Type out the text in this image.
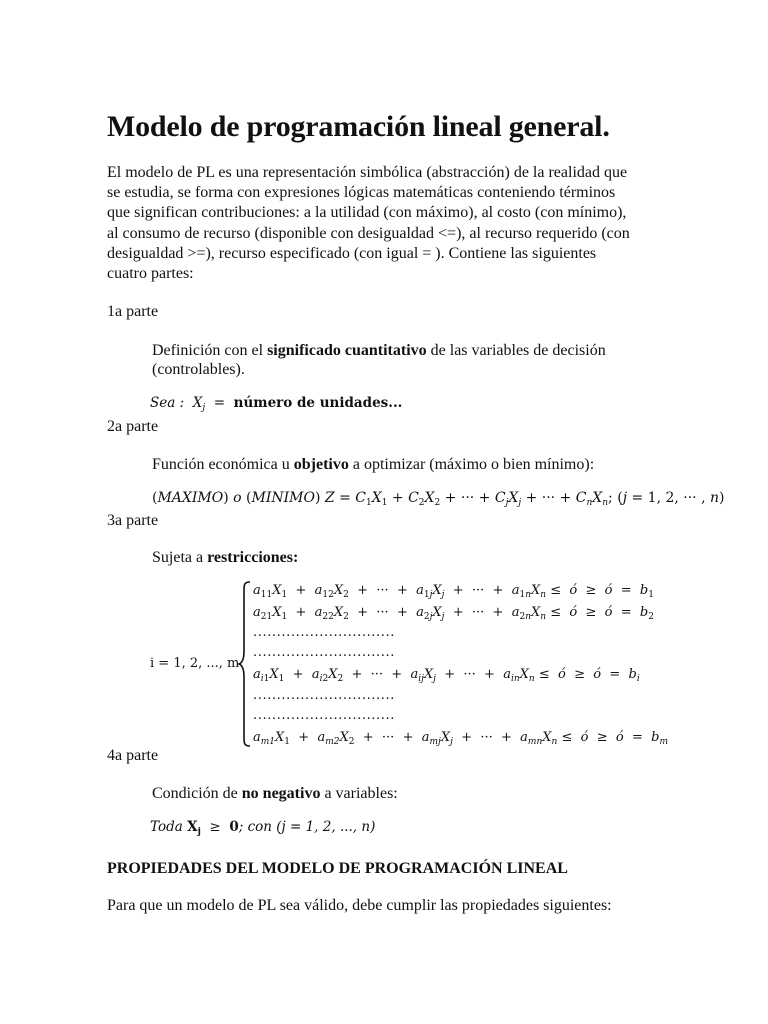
Modelo de programación lineal general.
El modelo de PL es una representación simbólica (abstracción) de la realidad que
se estudia, se forma con expresiones lógicas matemáticas conteniendo términos
que significan contribuciones: a la utilidad (con máximo), al costo (con mínimo),
al consumo de recurso (disponible con desigualdad <=), al recurso requerido (con
desigualdad >=), recurso especificado (con igual = ). Contiene las siguientes
cuatro partes:
1a parte
Definición con el significado cuantitativo de las variables de decisión
(controlables).
Sea : $X_j$ = número de unidades...
2a parte
Función económica u objetivo a optimizar (máximo o bien mínimo):
(MAXIMO) o (MINIMO) $Z = C_1X_1 + C_2X_2$ + ··· + $C_jX_j$ + ··· + $C_nX_n$; (j = 1, 2, ··· , n)
3a parte
Sujeta a restricciones:
i = 1, 2, ..., m
$a_{11}X_1 + a_{12}X_2$  +  ···  +  $a_{1j}X_j$  +  ···  +  $a_{1n}X_n$ ≤  ó  ≥  ó  =  $b_1$
$a_{21}X_1 + a_{22}X_2$  +  ···  +  $a_{2j}X_j$  +  ···  +  $a_{2n}X_n$ ≤  ó  ≥  ó  =  $b_2$
..............................
..............................
$a_{i1}X_1 + a_{i2}X_2$  +  ···  +  $a_{ij}X_j$  +  ···  +  $a_{in}X_n$ ≤  ó  ≥  ó  =  $b_i$
..............................
..............................
$a_{m1}X_1 + a_{m2}X_2$  +  ···  +  $a_{mj}X_j$  +  ···  +  $a_{mn}X_n$ ≤  ó  ≥  ó  =  $b_m$
4a parte
Condición de no negativo a variables:
Toda $X_j \ge 0$; con (j = 1, 2, ..., n)
PROPIEDADES DEL MODELO DE PROGRAMACIÓN LINEAL
Para que un modelo de PL sea válido, debe cumplir las propiedades siguientes:
